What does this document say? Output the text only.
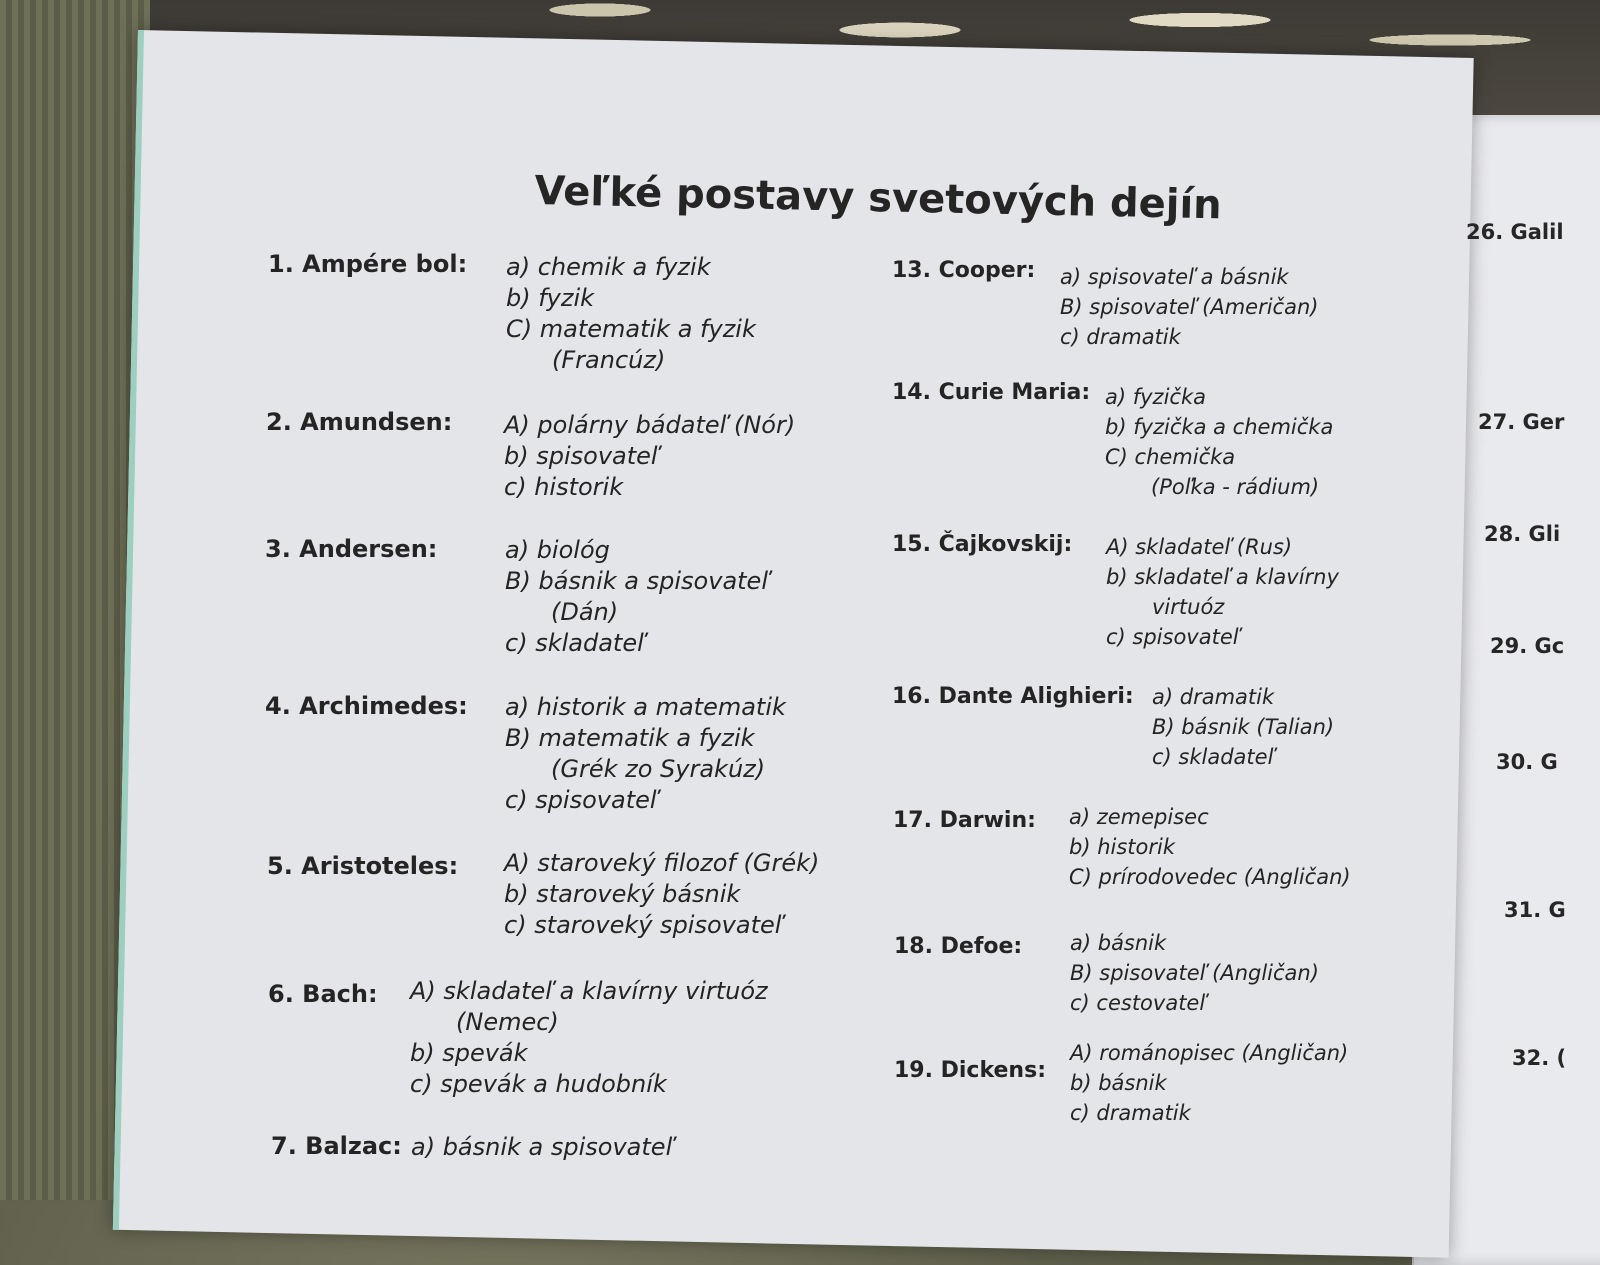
Veľké postavy svetových dejín
1. Ampére bol: a) chemik a fyzik
b) fyzik
C) matematik a fyzik
(Francúz)
2. Amundsen: A) polárny bádateľ (Nór)
b) spisovateľ
c) historik
3. Andersen:	a) biológ
B) básnik a spisovateľ
(Dán)
c) skladateľ
4. Archimedes: a) historik a matematik
B) matematik a fyzik
(Grék zo Syrakúz)
c) spisovateľ
5. Aristoteles: A) staroveký filozof (Grék)
b) staroveký básnik
c) staroveký spisovateľ
6. Bach: A) skladateľ a klavírny virtuóz
(Nemec)
b) spevák
c) spevák a hudobník
7. Balzac: a) básnik a spisovateľ
13. Cooper: a) spisovateľ a básnik
B) spisovateľ (Američan)
c) dramatik
14. Curie Maria: a) fyzička
b) fyzička a chemička
C) chemička
(Poľka - rádium)
15. Čajkovskij: A) skladateľ (Rus)
b) skladateľ a klavírny
virtuóz
c) spisovateľ
16. Dante Alighieri: a) dramatik
B) básnik (Talian)
c) skladateľ
17. Darwin: a) zemepisec
b) historik
C) prírodovedec (Angličan)
18. Defoe: a) básnik
B) spisovateľ (Angličan)
c) cestovateľ
19. Dickens:
A) románopisec (Angličan)
b) básnik
c) dramatik
26. Galil
27. Ger
28. Gli
29. Gc
30. G
31. G
32. (
